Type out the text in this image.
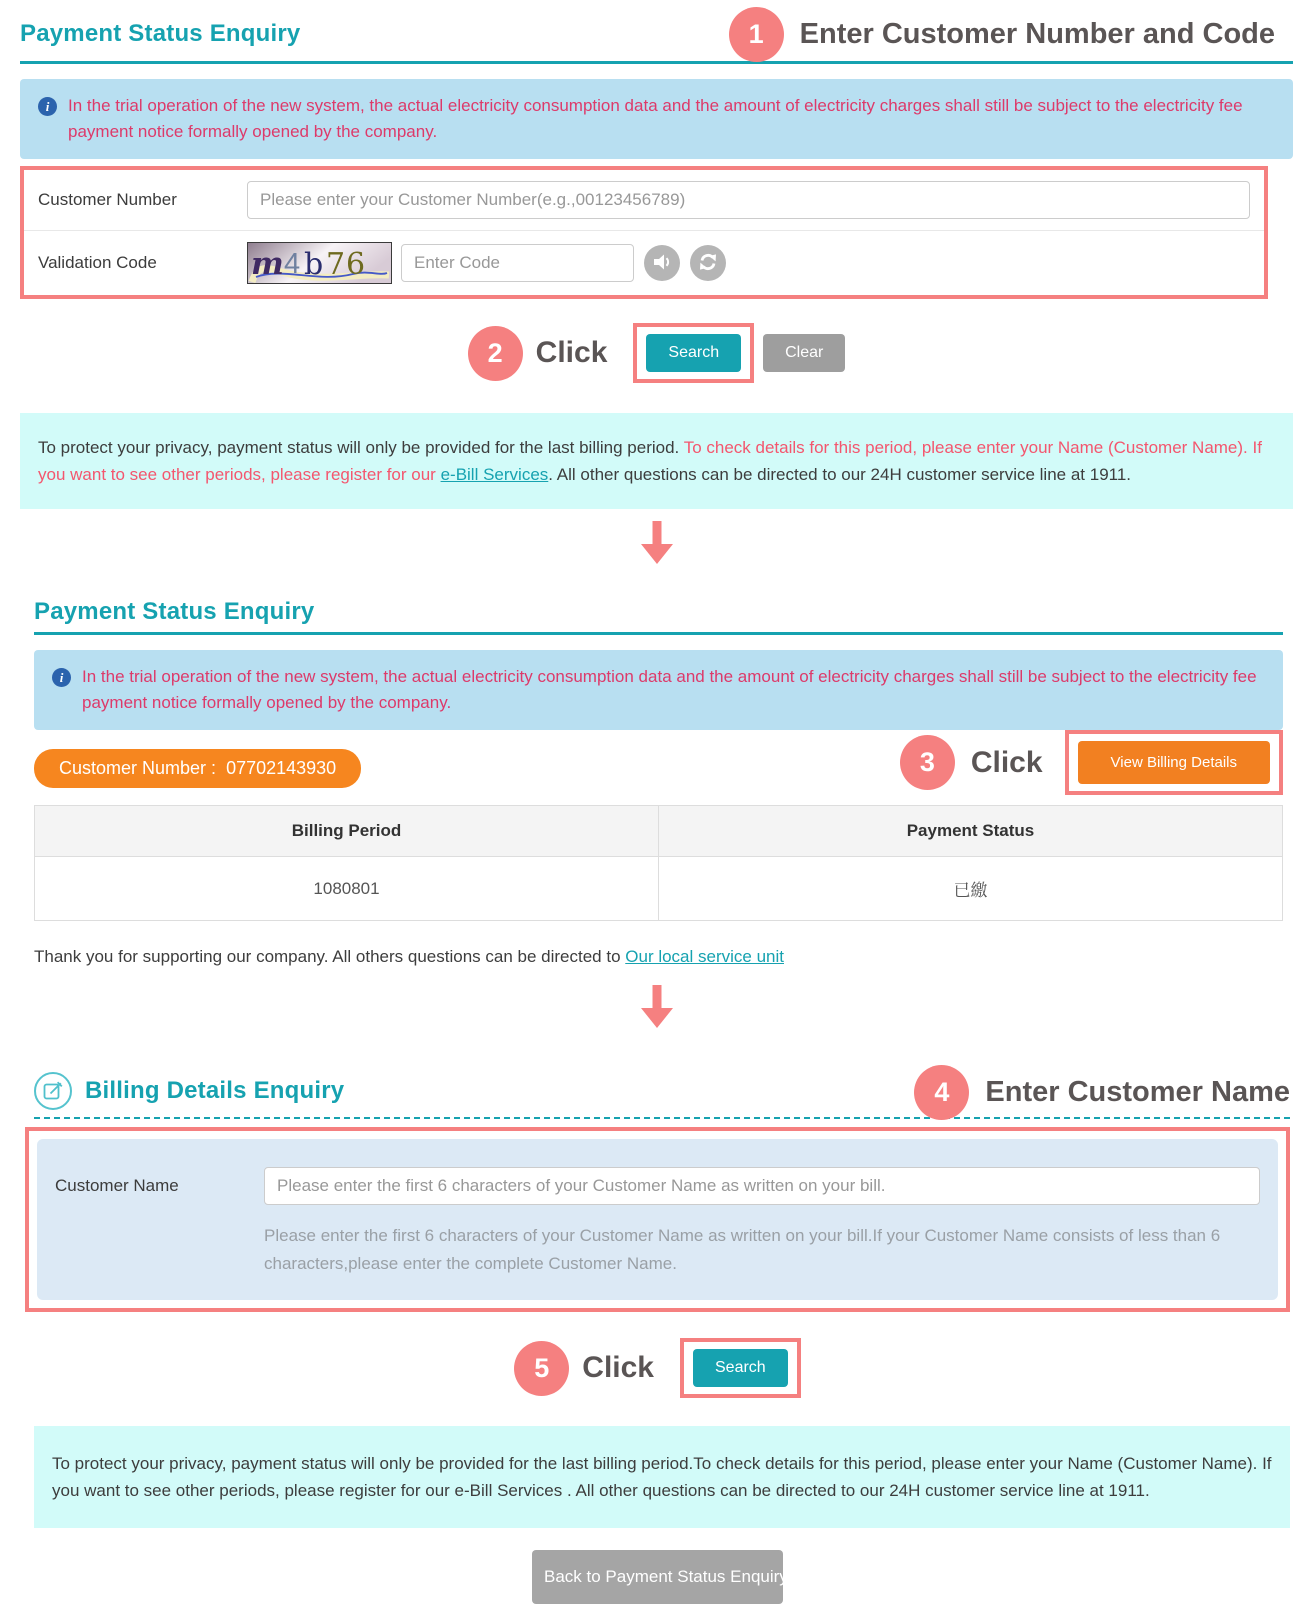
Payment Status Enquiry	1	Enter Customer Number and Code
i	In the trial operation of the new system, the actual electricity consumption data and the amount of electricity charges shall still be subject to the electricity fee payment notice formally opened by the company.
Customer Number
Please enter your Customer Number(e.g.,00123456789)
Validation Code	m 4 b 7 6
Enter Code
2	Click	Search	Clear
To protect your privacy, payment status will only be provided for the last billing period. To check details for this period, please enter your Name (Customer Name). If you want to see other periods, please register for our e-Bill Services. All other questions can be directed to our 24H customer service line at 1911.
Payment Status Enquiry
i	In the trial operation of the new system, the actual electricity consumption data and the amount of electricity charges shall still be subject to the electricity fee payment notice formally opened by the company.
Customer Number : 07702143930	3	Click	View Billing Details
Billing Period	Payment Status
1080801	已繳
Thank you for supporting our company. All others questions can be directed to Our local service unit
Billing Details Enquiry	4	Enter Customer Name
Customer Name
Please enter the first 6 characters of your Customer Name as written on your bill.
Please enter the first 6 characters of your Customer Name as written on your bill.If your Customer Name consists of less than 6 characters,please enter the complete Customer Name.
5	Click	Search
To protect your privacy, payment status will only be provided for the last billing period.To check details for this period, please enter your Name (Customer Name). If you want to see other periods, please register for our e-Bill Services . All other questions can be directed to our 24H customer service line at 1911.
Back to Payment Status Enquiry
